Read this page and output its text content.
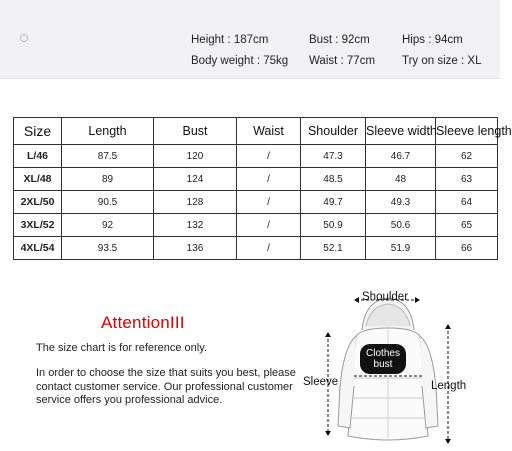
Height : 187cm	Bust : 92cm	Hips : 94cm
Body weight : 75kg Waist : 77cm Try on size : XL
Size	Length	Bust	Waist	Shoulder	Sleeve width	Sleeve length
L/46	87.5	120	/	47.3	46.7	62
XL/48	89	124	/	48.5	48	63
2XL/50	90.5	128	/	49.7	49.3	64
3XL/52	92	132	/	50.9	50.6	65
4XL/54	93.5	136	/	52.1	51.9	66
AttentionIII
The size chart is for reference only.
In order to choose the size that suits you best, please contact customer service. Our professional customer service offers you professional advice.
Shoulder
Sleeve	Length
Clothes
bust
